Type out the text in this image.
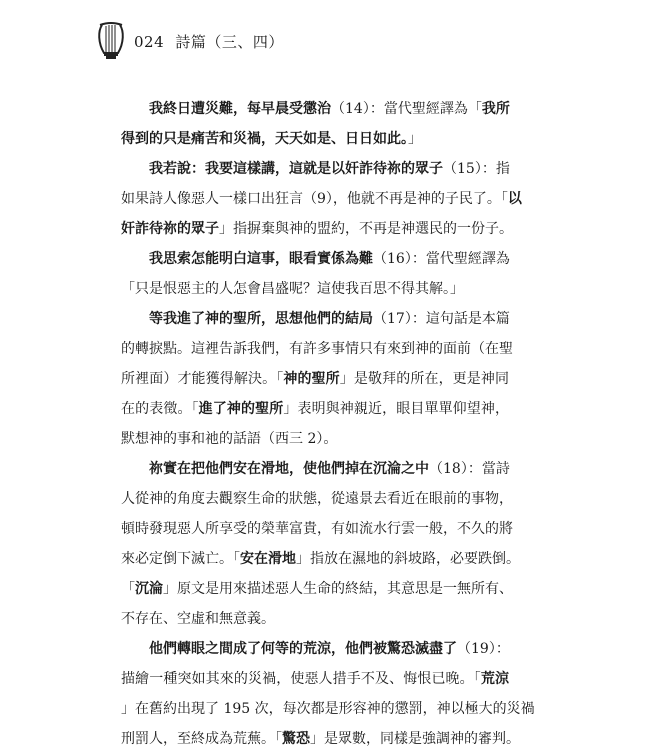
024 詩篇（三、四）
我終日遭災難，每早晨受懲治（14）：當代聖經譯為「我所
得到的只是痛苦和災禍，天天如是、日日如此。」
我若說：我要這樣講，這就是以奸詐待祢的眾子（15）：指
如果詩人像惡人一樣口出狂言（9），他就不再是神的子民了。「以
奸詐待祢的眾子」指摒棄與神的盟約，不再是神選民的一份子。
我思索怎能明白這事，眼看實係為難（16）：當代聖經譯為
「只是恨惡主的人怎會昌盛呢？這使我百思不得其解。」
等我進了神的聖所，思想他們的結局（17）：這句話是本篇
的轉捩點。這裡告訴我們，有許多事情只有來到神的面前（在聖
所裡面）才能獲得解決。「神的聖所」是敬拜的所在，更是神同
在的表徵。「進了神的聖所」表明與神親近，眼目單單仰望神，
默想神的事和祂的話語（西三 2）。
祢實在把他們安在滑地，使他們掉在沉淪之中（18）：當詩
人從神的角度去觀察生命的狀態，從遠景去看近在眼前的事物，
頓時發現惡人所享受的榮華富貴，有如流水行雲一般，不久的將
來必定倒下滅亡。「安在滑地」指放在濕地的斜坡路，必要跌倒。
「沉淪」原文是用來描述惡人生命的終結，其意思是一無所有、
不存在、空虛和無意義。
他們轉眼之間成了何等的荒涼，他們被驚恐滅盡了（19）：
描繪一種突如其來的災禍，使惡人措手不及、悔恨已晚。「荒涼
」在舊約出現了 195 次，每次都是形容神的懲罰，神以極大的災禍
刑罰人，至終成為荒蕪。「驚恐」是眾數，同樣是強調神的審判。
